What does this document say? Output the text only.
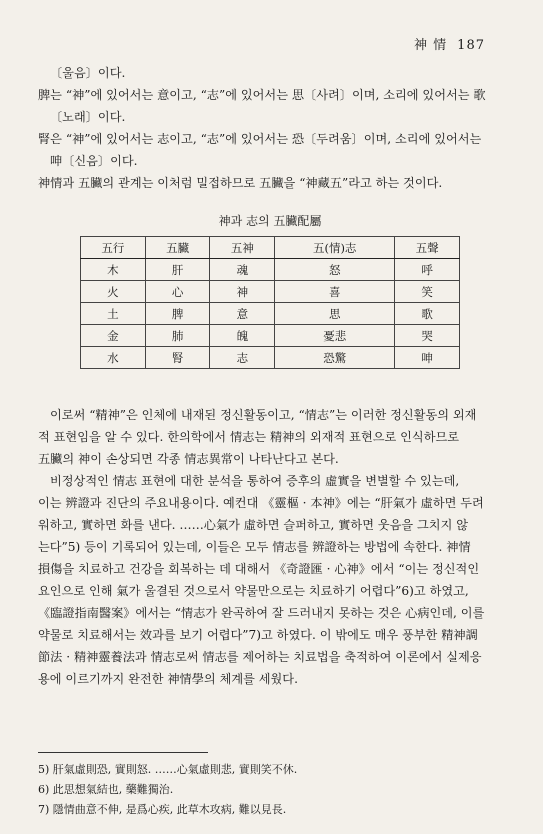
神 情 187

〔울음〕이다.

脾는 “神”에 있어서는 意이고, “志”에 있어서는 思〔사려〕이며, 소리에 있어서는 歌

〔노래〕이다.

腎은 “神”에 있어서는 志이고, “志”에 있어서는 恐〔두려움〕이며, 소리에 있어서는

呻〔신음〕이다.

神情과 五臟의 관계는 이처럼 밀접하므로 五臟을 “神藏五”라고 하는 것이다.

神과 志의 五臟配屬
五行	五臟	五神	五(情)志	五聲
木	肝	魂	怒	呼
火	心	神	喜	笑
土	脾	意	思	歌
金	肺	魄	憂悲	哭
水	腎	志	恐驚	呻

이로써 “精神”은 인체에 내재된 정신활동이고, “情志”는 이러한 정신활동의 외재

적 표현임을 알 수 있다. 한의학에서 情志는 精神의 외재적 표현으로 인식하므로

五臟의 神이 손상되면 각종 情志異常이 나타난다고 본다.

비정상적인 情志 표현에 대한 분석을 통하여 증후의 虛實을 변별할 수 있는데,

이는 辨證과 진단의 주요내용이다. 예컨대 《靈樞 · 本神》에는 “肝氣가 虛하면 두려

워하고, 實하면 화를 낸다. ……心氣가 虛하면 슬퍼하고, 實하면 웃음을 그치지 않

는다”5) 등이 기록되어 있는데, 이들은 모두 情志를 辨證하는 방법에 속한다. 神情

損傷을 치료하고 건강을 회복하는 데 대해서 《奇證匯 · 心神》에서 “이는 정신적인

요인으로 인해 氣가 울결된 것으로서 약물만으로는 치료하기 어렵다”6)고 하였고,

《臨證指南醫案》에서는 “情志가 완곡하여 잘 드러내지 못하는 것은 心病인데, 이를

약물로 치료해서는 效과를 보기 어렵다”7)고 하였다. 이 밖에도 매우 풍부한 精神調

節法 · 精神靈養法과 情志로써 情志를 제어하는 치료법을 축적하여 이론에서 실제응

용에 이르기까지 완전한 神情學의 체계를 세웠다.

5) 肝氣虛則恐, 實則怒. ……心氣虛則悲, 實則笑不休.
6) 此思想氣結也, 藥難獨治.
7) 隱情曲意不伸, 是爲心疾, 此草木攻病, 難以見長.
